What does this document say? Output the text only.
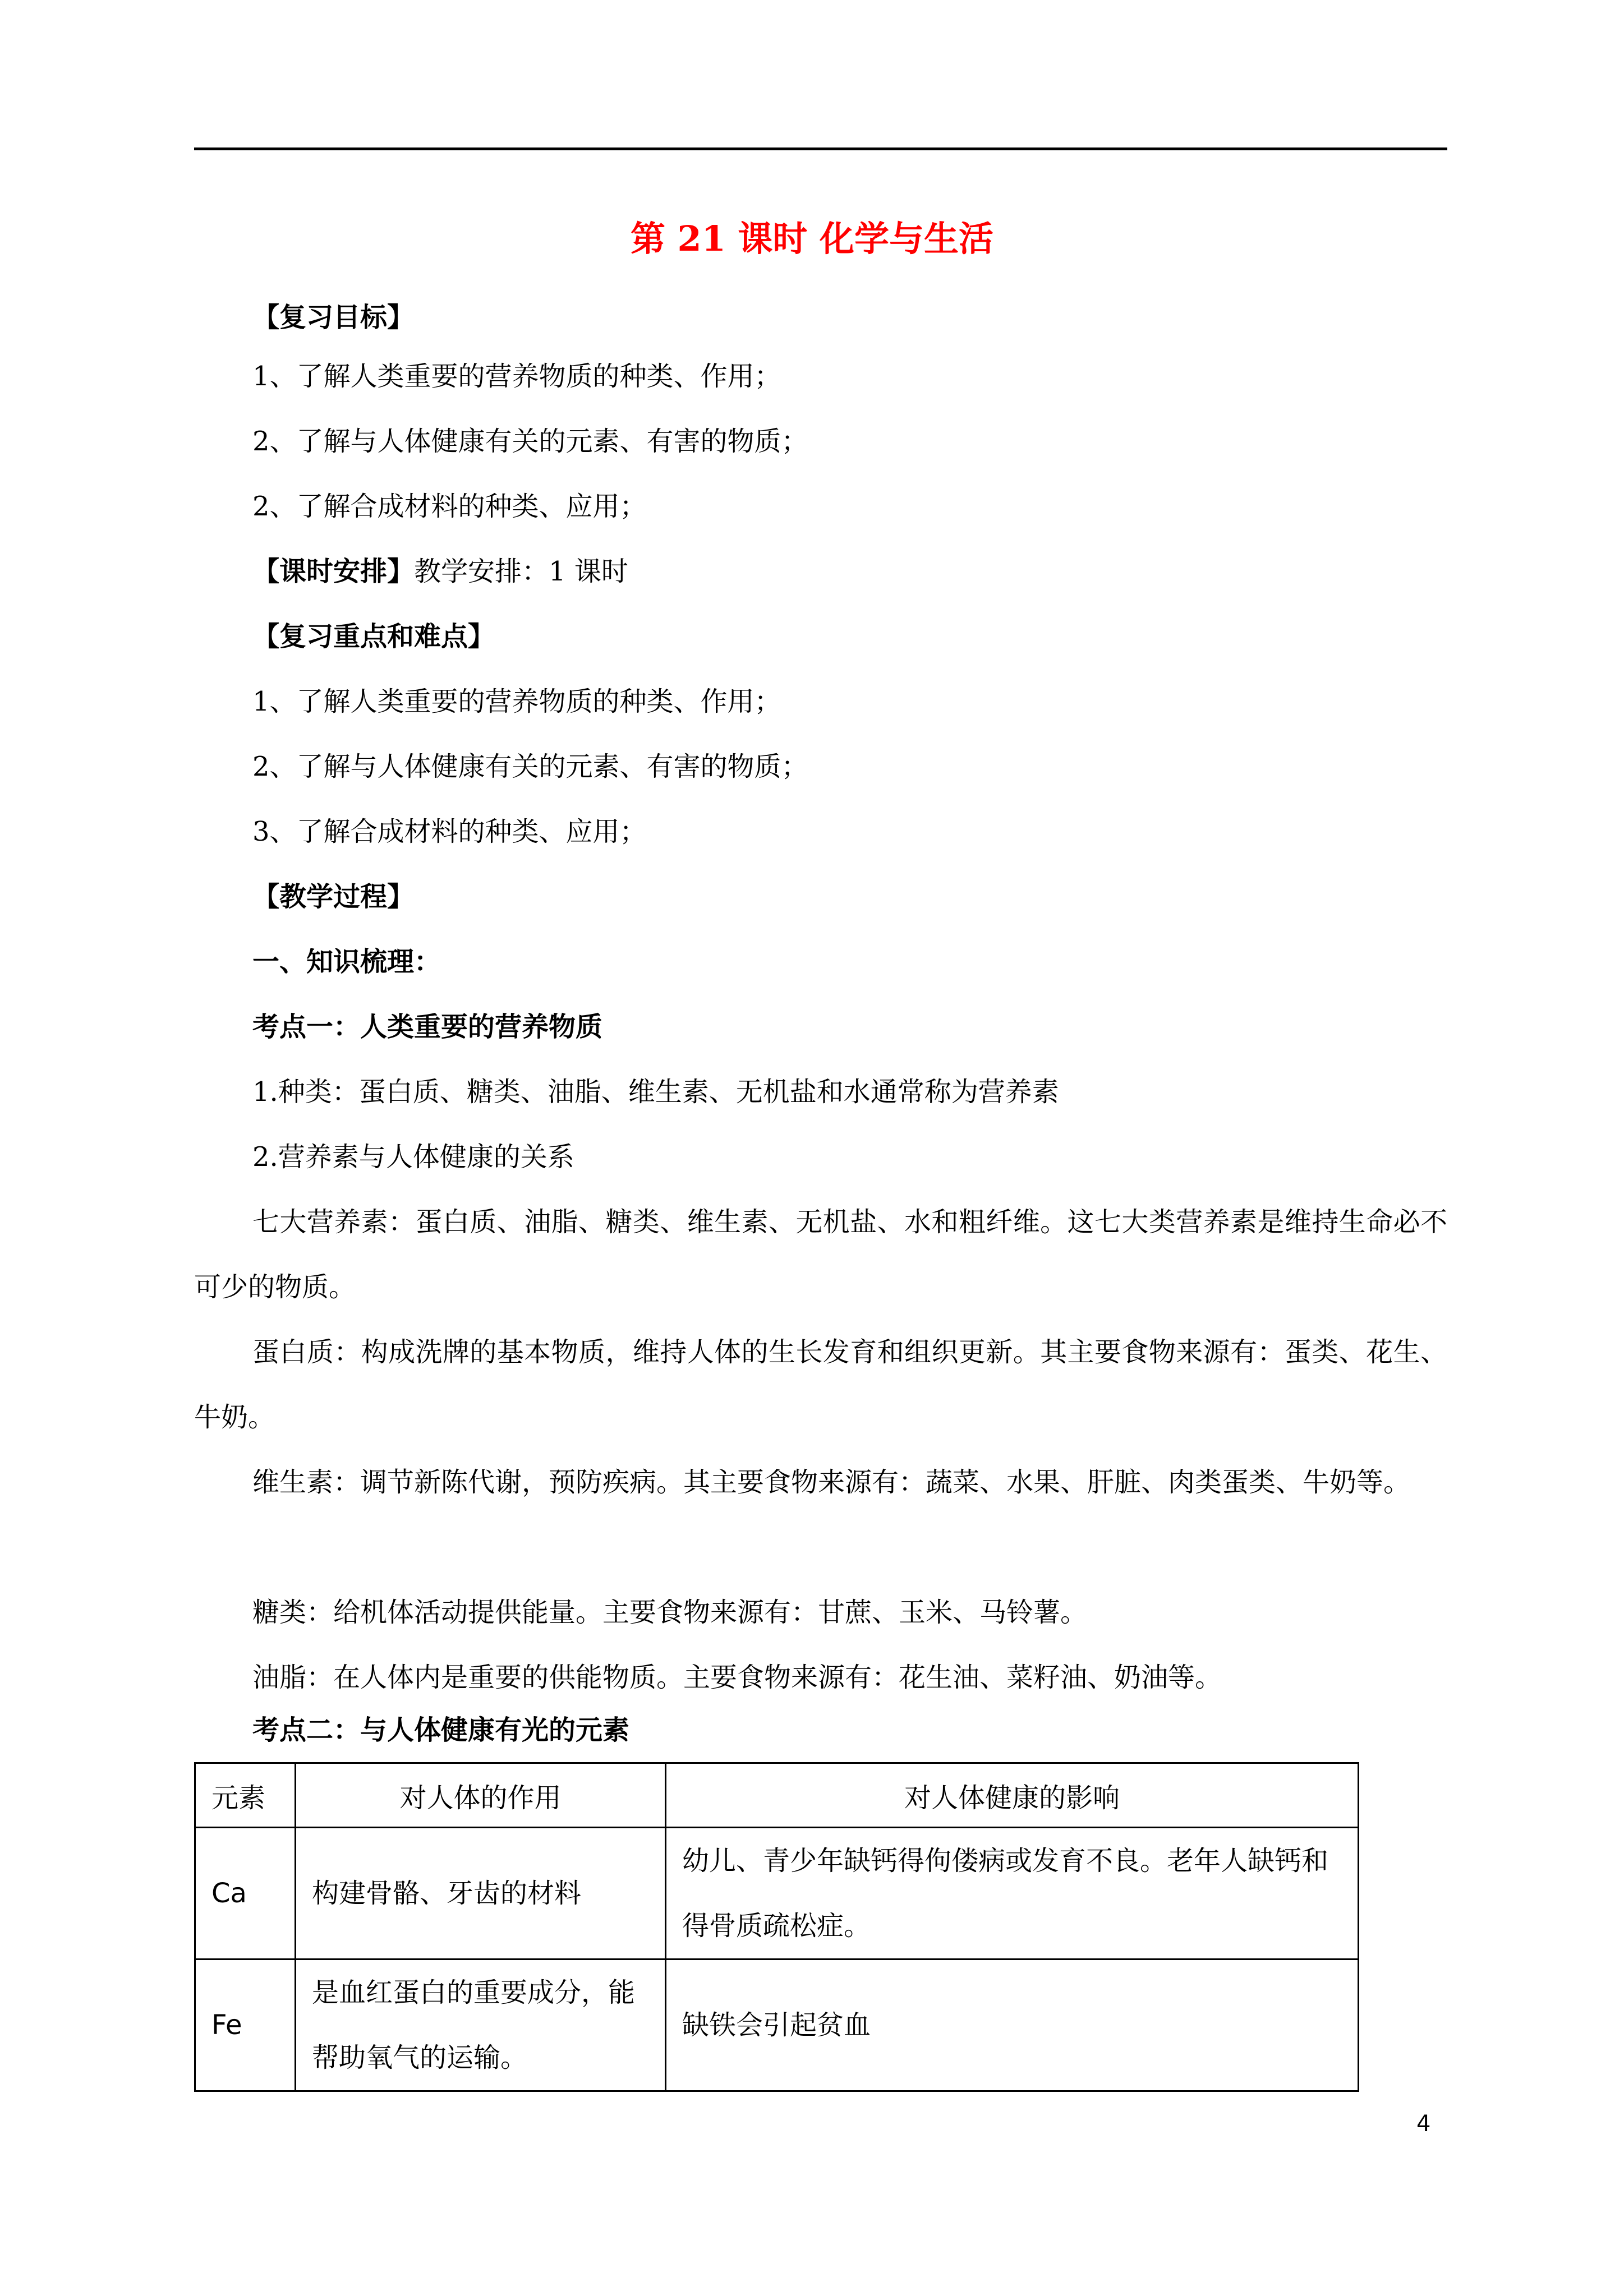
第 21 课时 化学与生活

【复习目标】

1、了解人类重要的营养物质的种类、作用；

2、了解与人体健康有关的元素、有害的物质；

2、了解合成材料的种类、应用；

【课时安排】教学安排：1 课时

【复习重点和难点】

1、了解人类重要的营养物质的种类、作用；

2、了解与人体健康有关的元素、有害的物质；

3、了解合成材料的种类、应用；

【教学过程】

一、知识梳理：

考点一：人类重要的营养物质

1.种类：蛋白质、糖类、油脂、维生素、无机盐和水通常称为营养素

2.营养素与人体健康的关系

七大营养素：蛋白质、油脂、糖类、维生素、无机盐、水和粗纤维。这七大类营养素是维持生命必不可少的物质。

蛋白质：构成洗牌的基本物质，维持人体的生长发育和组织更新。其主要食物来源有：蛋类、花生、牛奶。

维生素：调节新陈代谢，预防疾病。其主要食物来源有：蔬菜、水果、肝脏、肉类蛋类、牛奶等。

糖类：给机体活动提供能量。主要食物来源有：甘蔗、玉米、马铃薯。

油脂：在人体内是重要的供能物质。主要食物来源有：花生油、菜籽油、奶油等。

考点二：与人体健康有光的元素

元素	对人体的作用	对人体健康的影响
Ca	构建骨骼、牙齿的材料	幼儿、青少年缺钙得佝偻病或发育不良。老年人缺钙和得骨质疏松症。
Fe	是血红蛋白的重要成分，能帮助氧气的运输。	缺铁会引起贫血
4
